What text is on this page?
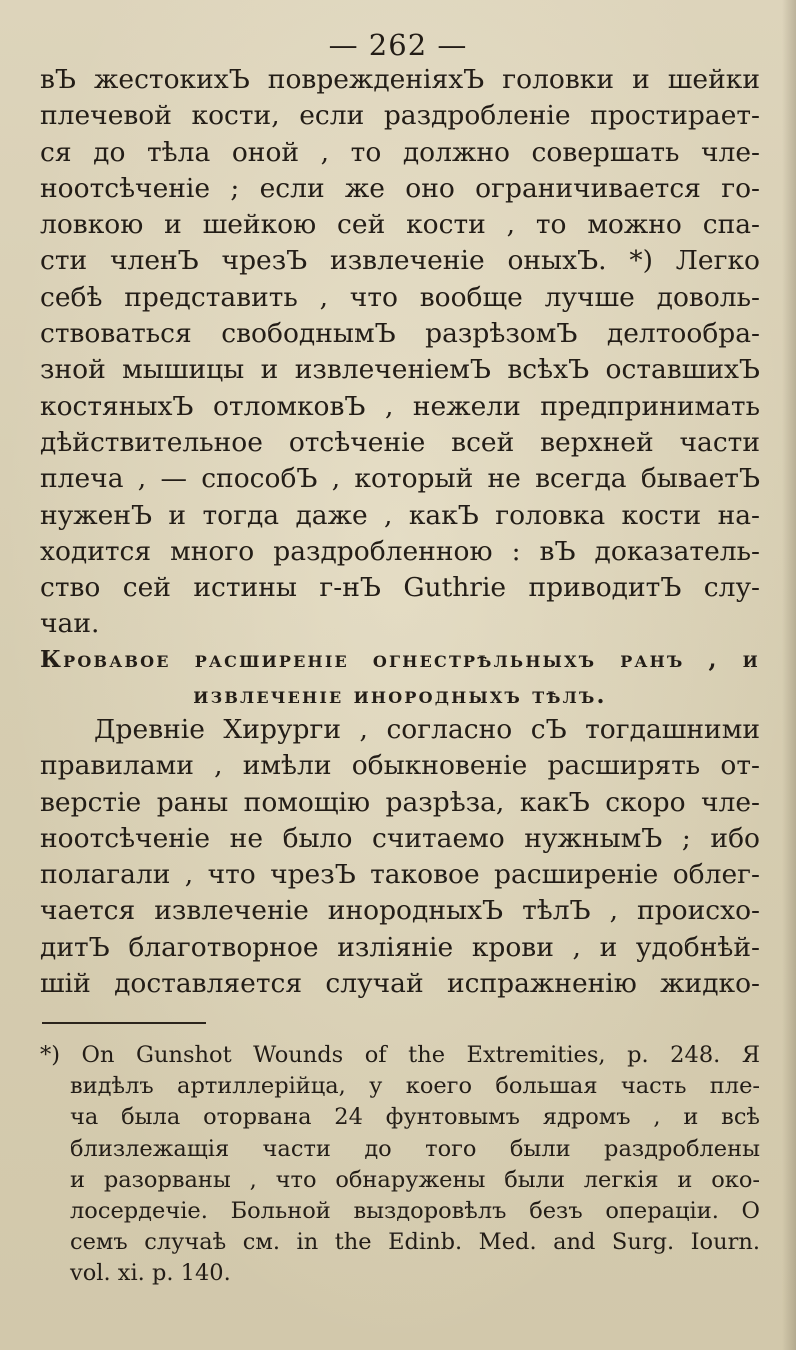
— 262 —
вЪ жестокихЪ поврежденіяхЪ головки и шейки
плечевой кости, если раздробленіе простирает-
ся до тѣла оной , то должно совершать чле-
ноотсѣченіе ; если же оно ограничивается го-
ловкою и шейкою сей кости , то можно спа-
сти членЪ чрезЪ извлеченіе оныхЪ. *) Легко
себѣ представить , что вообще лучше доволь-
ствоваться свободнымЪ разрѣзомЪ делтообра-
зной мышицы и извлеченіемЪ всѣхЪ оставшихЪ
костяныхЪ отломковЪ , нежели предпринимать
дѣйствительное отсѣченіе всей верхней части
плеча , — способЪ , который не всегда бываетЪ
нуженЪ и тогда даже , какЪ головка кости на-
ходится много раздробленною : вЪ доказатель-
ство сей истины г-нЪ Guthrie приводитЪ слу-
чаи.
Кровавое расширеніе огнестрѣльныхъ ранъ , и
извлеченіе инородныхъ тѣлъ.
Древніе Хирурги , согласно сЪ тогдашними
правилами , имѣли обыкновеніе расширять от-
верстіе раны помощію разрѣза, какЪ скоро чле-
ноотсѣченіе не было считаемо нужнымЪ ; ибо
полагали , что чрезЪ таковое расширеніе облег-
чается извлеченіе инородныхЪ тѣлЪ , происхо-
дитЪ благотворное изліяніе крови , и удобнѣй-
шій доставляется случай испражненію жидко-
*) On Gunshot Wounds of the Extremities, p. 248. Я
видѣлъ артиллерійца, у коего большая часть пле-
ча была оторвана 24 фунтовымъ ядромъ , и всѣ
близлежащія части до того были раздроблены
и разорваны , что обнаружены были легкія и око-
лосердечіе. Больной выздоровѣлъ безъ операціи. О
семъ случаѣ см. in the Edinb. Med. and Surg. Iourn.
vol. xi. p. 140.
